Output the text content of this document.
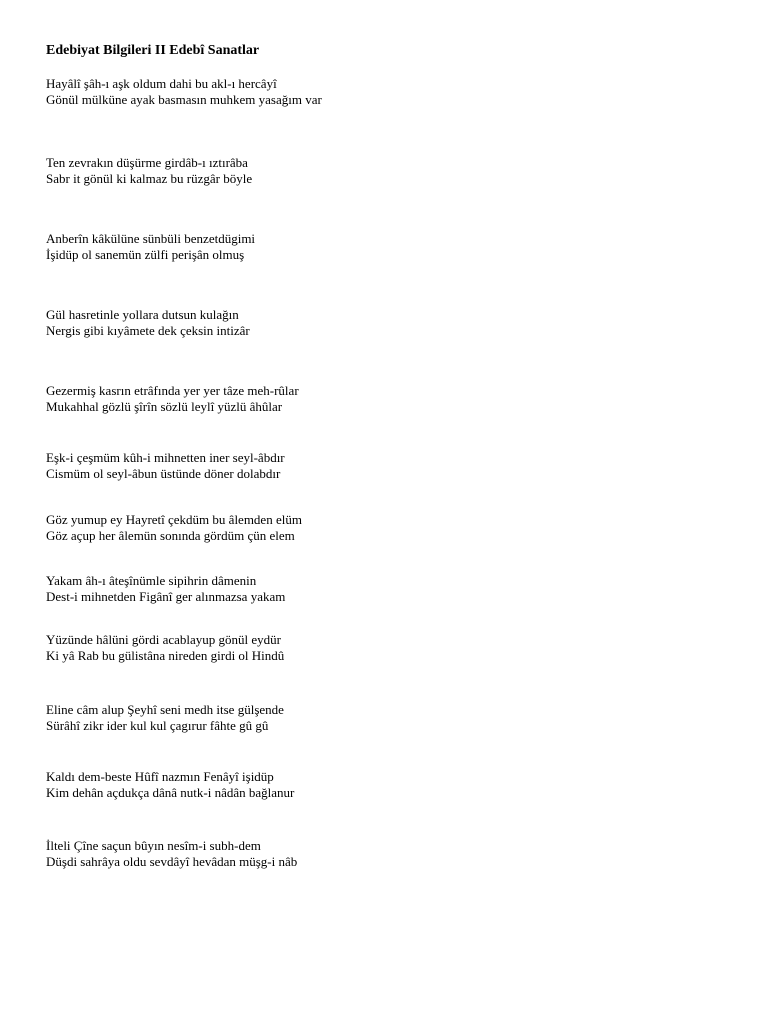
Edebiyat Bilgileri II Edebî Sanatlar
Hayâlî şâh-ı aşk oldum dahi bu akl-ı hercâyî
Gönül mülküne ayak basmasın muhkem yasağım var
Ten zevrakın düşürme girdâb-ı ıztırâba
Sabr it gönül ki kalmaz bu rüzgâr böyle
Anberîn kâkülüne sünbüli benzetdügimi
İşidüp ol sanemün zülfi perişân olmuş
Gül hasretinle yollara dutsun kulağın
Nergis gibi kıyâmete dek çeksin intizâr
Gezermiş kasrın etrâfında yer yer tâze meh-rûlar
Mukahhal gözlü şîrîn sözlü leylî yüzlü âhûlar
Eşk-i çeşmüm kûh-i mihnetten iner seyl-âbdır
Cismüm ol seyl-âbun üstünde döner dolabdır
Göz yumup ey Hayretî çekdüm bu âlemden elüm
Göz açup her âlemün sonında gördüm çün elem
Yakam âh-ı âteşînümle sipihrin dâmenin
Dest-i mihnetden Figânî ger alınmazsa yakam
Yüzünde hâlüni gördi acablayup gönül eydür
Ki yâ Rab bu gülistâna nireden girdi ol Hindû
Eline câm alup Şeyhî seni medh itse gülşende
Sürâhî zikr ider kul kul çagırur fâhte gû gû
Kaldı dem-beste Hûfî nazmın Fenâyî işidüp
Kim dehân açdukça dânâ nutk-i nâdân bağlanur
İlteli Çîne saçun bûyın nesîm-i subh-dem
Düşdi sahrâya oldu sevdâyî hevâdan müşg-i nâb
